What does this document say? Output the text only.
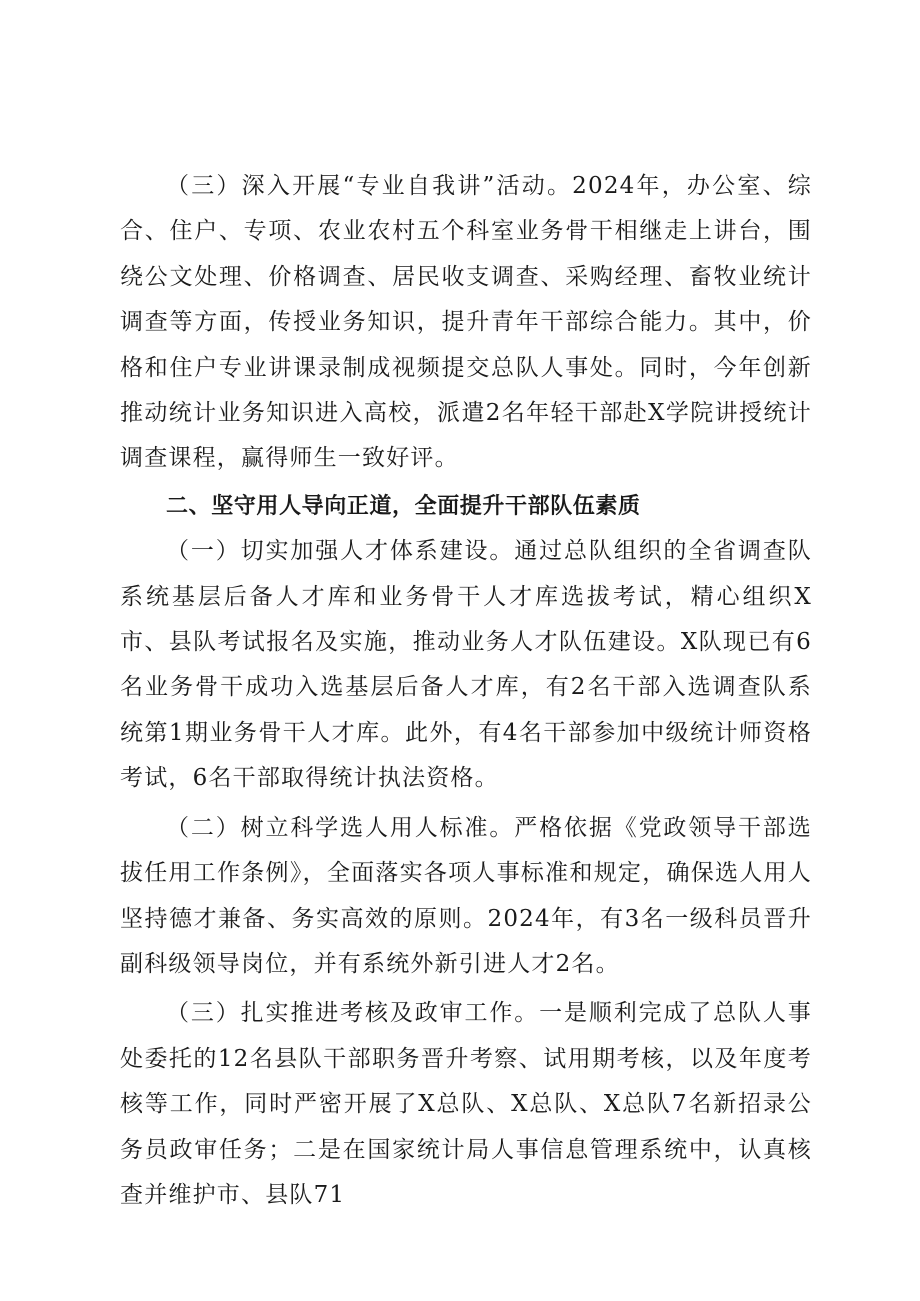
（三）深入开展“专业自我讲”活动。2024年，办公室、综合、住户、专项、农业农村五个科室业务骨干相继走上讲台，围绕公文处理、价格调查、居民收支调查、采购经理、畜牧业统计调查等方面，传授业务知识，提升青年干部综合能力。其中，价格和住户专业讲课录制成视频提交总队人事处。同时，今年创新推动统计业务知识进入高校，派遣2名年轻干部赴X学院讲授统计调查课程，赢得师生一致好评。

二、坚守用人导向正道，全面提升干部队伍素质

（一）切实加强人才体系建设。通过总队组织的全省调查队系统基层后备人才库和业务骨干人才库选拔考试，精心组织X市、县队考试报名及实施，推动业务人才队伍建设。X队现已有6名业务骨干成功入选基层后备人才库，有2名干部入选调查队系统第1期业务骨干人才库。此外，有4名干部参加中级统计师资格考试，6名干部取得统计执法资格。

（二）树立科学选人用人标准。严格依据《党政领导干部选拔任用工作条例》，全面落实各项人事标准和规定，确保选人用人坚持德才兼备、务实高效的原则。2024年，有3名一级科员晋升副科级领导岗位，并有系统外新引进人才2名。

（三）扎实推进考核及政审工作。一是顺利完成了总队人事处委托的12名县队干部职务晋升考察、试用期考核，以及年度考核等工作，同时严密开展了X总队、X总队、X总队7名新招录公务员政审任务；二是在国家统计局人事信息管理系统中，认真核查并维护市、县队71
